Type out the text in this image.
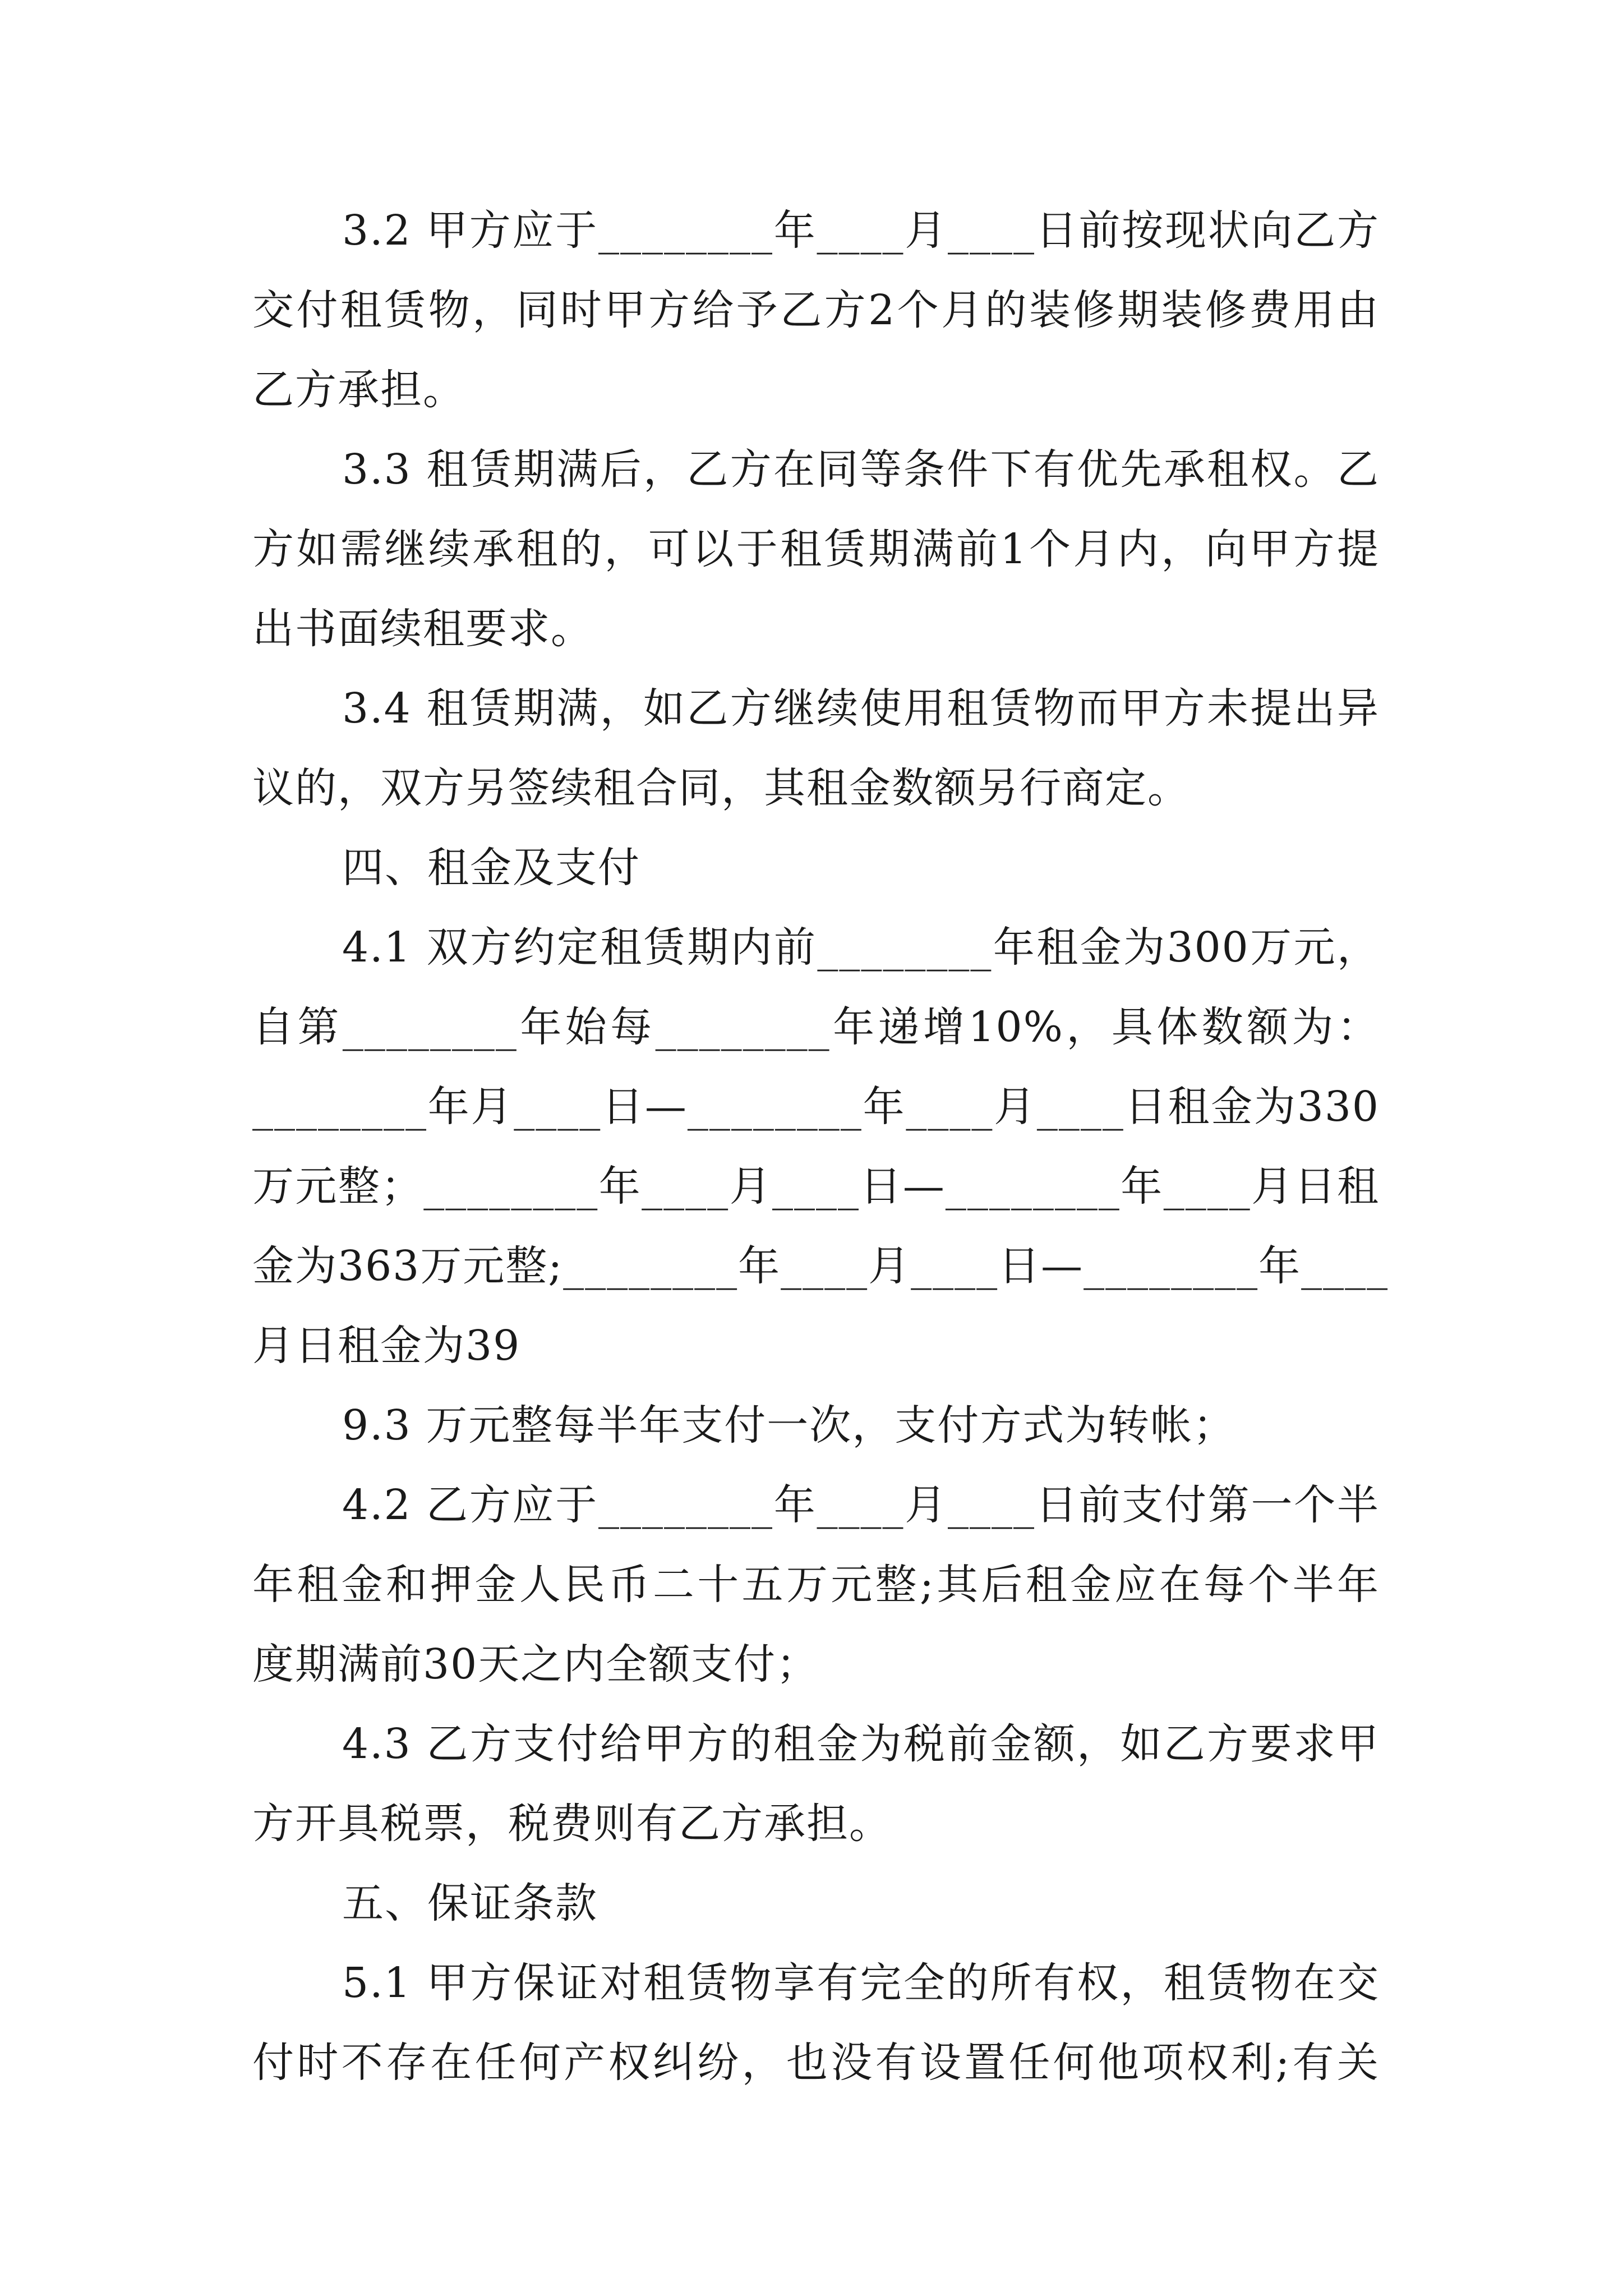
3.2 甲方应于________年____月____日前按现状向乙方
交付租赁物，同时甲方给予乙方2个月的装修期装修费用由
乙方承担。
3.3 租赁期满后，乙方在同等条件下有优先承租权。乙
方如需继续承租的，可以于租赁期满前1个月内，向甲方提
出书面续租要求。
3.4 租赁期满，如乙方继续使用租赁物而甲方未提出异
议的，双方另签续租合同，其租金数额另行商定。
四、租金及支付
4.1 双方约定租赁期内前________年租金为300万元，
自第________年始每________年递增10%，具体数额为：
________年月____日—________年____月____日租金为330
万元整；________年____月____日—________年____月日租
金为363万元整;________年____月____日—________年____
月日租金为39
9.3 万元整每半年支付一次，支付方式为转帐；
4.2 乙方应于________年____月____日前支付第一个半
年租金和押金人民币二十五万元整;其后租金应在每个半年
度期满前30天之内全额支付；
4.3 乙方支付给甲方的租金为税前金额，如乙方要求甲
方开具税票，税费则有乙方承担。
五、保证条款
5.1 甲方保证对租赁物享有完全的所有权，租赁物在交
付时不存在任何产权纠纷，也没有设置任何他项权利;有关
